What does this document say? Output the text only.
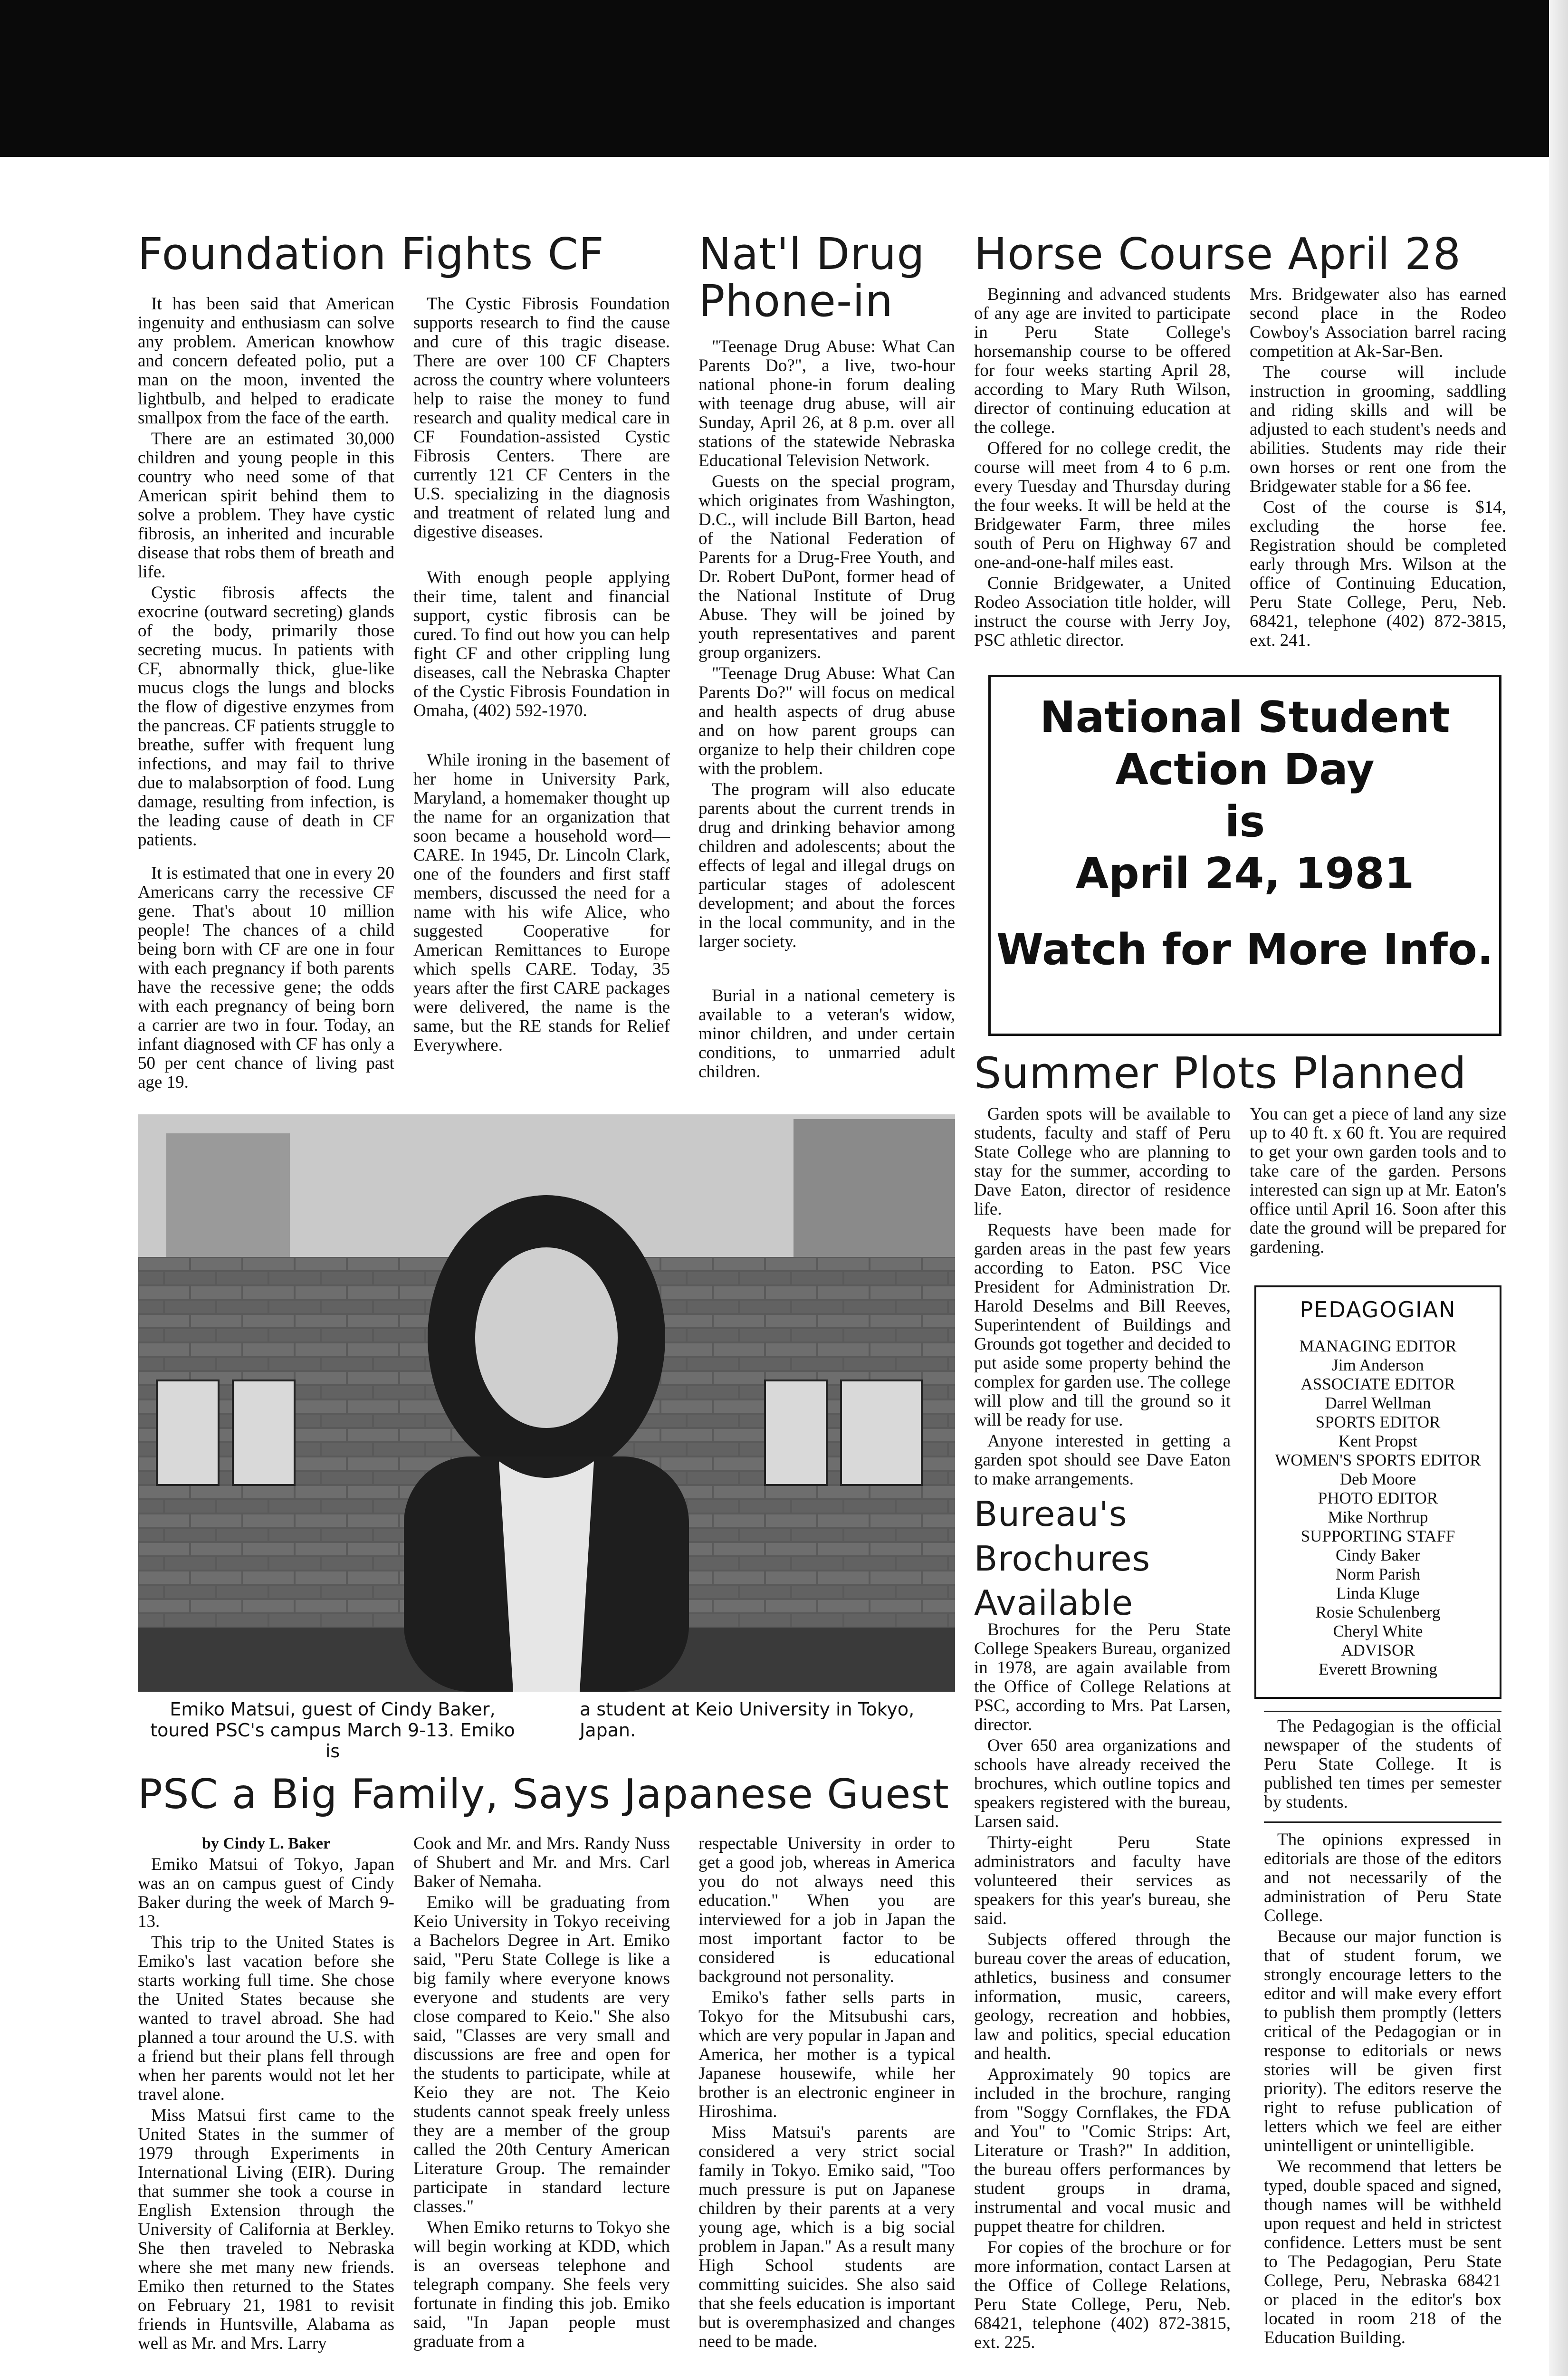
Foundation Fights CF

It has been said that American ingenuity and enthusiasm can solve any problem. American knowhow and concern defeated polio, put a man on the moon, invented the lightbulb, and helped to eradicate smallpox from the face of the earth.

There are an estimated 30,000 children and young people in this country who need some of that American spirit behind them to solve a problem. They have cystic fibrosis, an inherited and incurable disease that robs them of breath and life.

Cystic fibrosis affects the exocrine (outward secreting) glands of the body, primarily those secreting mucus. In patients with CF, abnormally thick, glue-like mucus clogs the lungs and blocks the flow of digestive enzymes from the pancreas. CF patients struggle to breathe, suffer with frequent lung infections, and may fail to thrive due to malabsorption of food. Lung damage, resulting from infection, is the leading cause of death in CF patients.

It is estimated that one in every 20 Americans carry the recessive CF gene. That's about 10 million people! The chances of a child being born with CF are one in four with each pregnancy if both parents have the recessive gene; the odds with each pregnancy of being born a carrier are two in four. Today, an infant diagnosed with CF has only a 50 per cent chance of living past age 19.

The Cystic Fibrosis Foundation supports research to find the cause and cure of this tragic disease. There are over 100 CF Chapters across the country where volunteers help to raise the money to fund research and quality medical care in CF Foundation-assisted Cystic Fibrosis Centers. There are currently 121 CF Centers in the U.S. specializing in the diagnosis and treatment of related lung and digestive diseases.

With enough people applying their time, talent and financial support, cystic fibrosis can be cured. To find out how you can help fight CF and other crippling lung diseases, call the Nebraska Chapter of the Cystic Fibrosis Foundation in Omaha, (402) 592-1970.

While ironing in the basement of her home in University Park, Maryland, a homemaker thought up the name for an organization that soon became a household word—CARE. In 1945, Dr. Lincoln Clark, one of the founders and first staff members, discussed the need for a name with his wife Alice, who suggested Cooperative for American Remittances to Europe which spells CARE. Today, 35 years after the first CARE packages were delivered, the name is the same, but the RE stands for Relief Everywhere.

Nat'l Drug
Phone-in

"Teenage Drug Abuse: What Can Parents Do?", a live, two-hour national phone-in forum dealing with teenage drug abuse, will air Sunday, April 26, at 8 p.m. over all stations of the statewide Nebraska Educational Television Network.

Guests on the special program, which originates from Washington, D.C., will include Bill Barton, head of the National Federation of Parents for a Drug-Free Youth, and Dr. Robert DuPont, former head of the National Institute of Drug Abuse. They will be joined by youth representatives and parent group organizers.

"Teenage Drug Abuse: What Can Parents Do?" will focus on medical and health aspects of drug abuse and on how parent groups can organize to help their children cope with the problem.

The program will also educate parents about the current trends in drug and drinking behavior among children and adolescents; about the effects of legal and illegal drugs on particular stages of adolescent development; and about the forces in the local community, and in the larger society.

Burial in a national cemetery is available to a veteran's widow, minor children, and under certain conditions, to unmarried adult children.

Horse Course April 28

Beginning and advanced students of any age are invited to participate in Peru State College's horsemanship course to be offered for four weeks starting April 28, according to Mary Ruth Wilson, director of continuing education at the college.

Offered for no college credit, the course will meet from 4 to 6 p.m. every Tuesday and Thursday during the four weeks. It will be held at the Bridgewater Farm, three miles south of Peru on Highway 67 and one-and-one-half miles east.

Connie Bridgewater, a United Rodeo Association title holder, will instruct the course with Jerry Joy, PSC athletic director.

Mrs. Bridgewater also has earned second place in the Rodeo Cowboy's Association barrel racing competition at Ak-Sar-Ben.

The course will include instruction in grooming, saddling and riding skills and will be adjusted to each student's needs and abilities. Students may ride their own horses or rent one from the Bridgewater stable for a $6 fee.

Cost of the course is $14, excluding the horse fee. Registration should be completed early through Mrs. Wilson at the office of Continuing Education, Peru State College, Peru, Neb. 68421, telephone (402) 872-3815, ext. 241.

National Student
Action Day
is
April 24, 1981
Watch for More Info.
Summer Plots Planned

Garden spots will be available to students, faculty and staff of Peru State College who are planning to stay for the summer, according to Dave Eaton, director of residence life.

Requests have been made for garden areas in the past few years according to Eaton. PSC Vice President for Administration Dr. Harold Deselms and Bill Reeves, Superintendent of Buildings and Grounds got together and decided to put aside some property behind the complex for garden use. The college will plow and till the ground so it will be ready for use.

Anyone interested in getting a garden spot should see Dave Eaton to make arrangements.

You can get a piece of land any size up to 40 ft. x 60 ft. You are required to get your own garden tools and to take care of the garden. Persons interested can sign up at Mr. Eaton's office until April 16. Soon after this date the ground will be prepared for gardening.

Bureau's
Brochures
Available

Brochures for the Peru State College Speakers Bureau, organized in 1978, are again available from the Office of College Relations at PSC, according to Mrs. Pat Larsen, director.

Over 650 area organizations and schools have already received the brochures, which outline topics and speakers registered with the bureau, Larsen said.

Thirty-eight Peru State administrators and faculty have volunteered their services as speakers for this year's bureau, she said.

Subjects offered through the bureau cover the areas of education, athletics, business and consumer information, music, careers, geology, recreation and hobbies, law and politics, special education and health.

Approximately 90 topics are included in the brochure, ranging from "Soggy Cornflakes, the FDA and You" to "Comic Strips: Art, Literature or Trash?" In addition, the bureau offers performances by student groups in drama, instrumental and vocal music and puppet theatre for children.

For copies of the brochure or for more information, contact Larsen at the Office of College Relations, Peru State College, Peru, Neb. 68421, telephone (402) 872-3815, ext. 225.

PEDAGOGIAN
MANAGING EDITOR
Jim Anderson
ASSOCIATE EDITOR
Darrel Wellman
SPORTS EDITOR
Kent Propst
WOMEN'S SPORTS EDITOR
Deb Moore
PHOTO EDITOR
Mike Northrup
SUPPORTING STAFF
Cindy Baker
Norm Parish
Linda Kluge
Rosie Schulenberg
Cheryl White
ADVISOR
Everett Browning

The Pedagogian is the official newspaper of the students of Peru State College. It is published ten times per semester by students.

The opinions expressed in editorials are those of the editors and not necessarily of the administration of Peru State College.

Because our major function is that of student forum, we strongly encourage letters to the editor and will make every effort to publish them promptly (letters critical of the Pedagogian or in response to editorials or news stories will be given first priority). The editors reserve the right to refuse publication of letters which we feel are either unintelligent or unintelligible.

We recommend that letters be typed, double spaced and signed, though names will be withheld upon request and held in strictest confidence. Letters must be sent to The Pedagogian, Peru State College, Peru, Nebraska 68421 or placed in the editor's box located in room 218 of the Education Building.

Emiko Matsui, guest of Cindy Baker, toured PSC's campus March 9-13. Emiko is
a student at Keio University in Tokyo, Japan.
PSC a Big Family, Says Japanese Guest

by Cindy L. Baker

Emiko Matsui of Tokyo, Japan was an on campus guest of Cindy Baker during the week of March 9-13.

This trip to the United States is Emiko's last vacation before she starts working full time. She chose the United States because she wanted to travel abroad. She had planned a tour around the U.S. with a friend but their plans fell through when her parents would not let her travel alone.

Miss Matsui first came to the United States in the summer of 1979 through Experiments in International Living (EIR). During that summer she took a course in English Extension through the University of California at Berkley. She then traveled to Nebraska where she met many new friends. Emiko then returned to the States on February 21, 1981 to revisit friends in Huntsville, Alabama as well as Mr. and Mrs. Larry

Cook and Mr. and Mrs. Randy Nuss of Shubert and Mr. and Mrs. Carl Baker of Nemaha.

Emiko will be graduating from Keio University in Tokyo receiving a Bachelors Degree in Art. Emiko said, "Peru State College is like a big family where everyone knows everyone and students are very close compared to Keio." She also said, "Classes are very small and discussions are free and open for the students to participate, while at Keio they are not. The Keio students cannot speak freely unless they are a member of the group called the 20th Century American Literature Group. The remainder participate in standard lecture classes."

When Emiko returns to Tokyo she will begin working at KDD, which is an overseas telephone and telegraph company. She feels very fortunate in finding this job. Emiko said, "In Japan people must graduate from a

respectable University in order to get a good job, whereas in America you do not always need this education." When you are interviewed for a job in Japan the most important factor to be considered is educational background not personality.

Emiko's father sells parts in Tokyo for the Mitsubushi cars, which are very popular in Japan and America, her mother is a typical Japanese housewife, while her brother is an electronic engineer in Hiroshima.

Miss Matsui's parents are considered a very strict social family in Tokyo. Emiko said, "Too much pressure is put on Japanese children by their parents at a very young age, which is a big social problem in Japan." As a result many High School students are committing suicides. She also said that she feels education is important but is overemphasized and changes need to be made.
